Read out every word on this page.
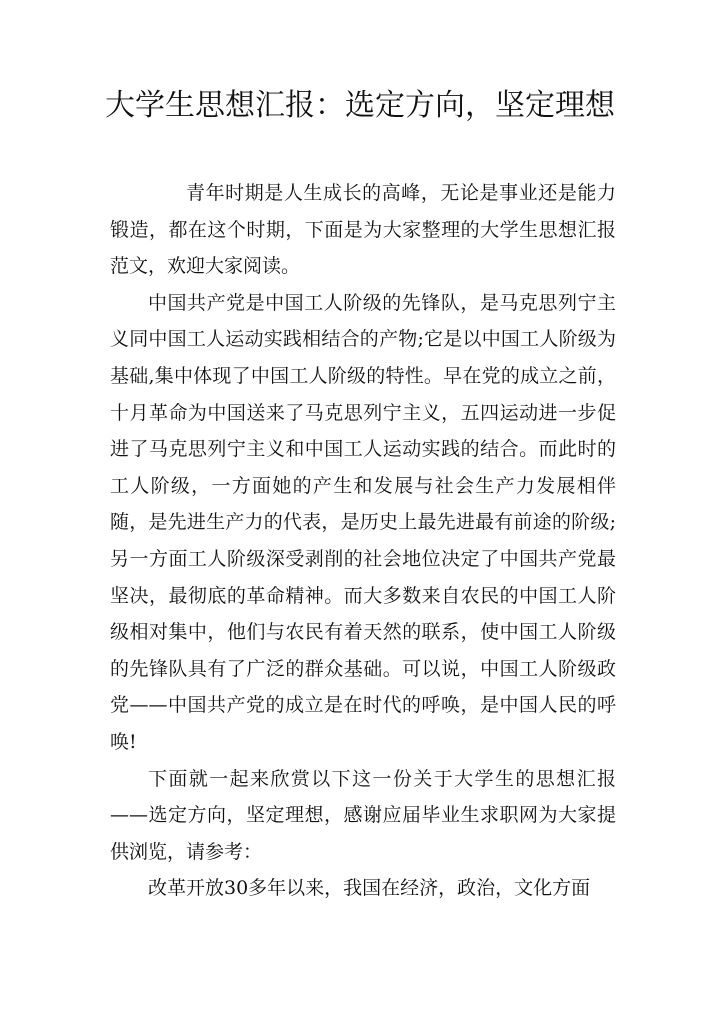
大学生思想汇报：选定方向，坚定理想

青年时期是人生成长的高峰，无论是事业还是能力锻造，都在这个时期，下面是为大家整理的大学生思想汇报范文，欢迎大家阅读。

中国共产党是中国工人阶级的先锋队，是马克思列宁主义同中国工人运动实践相结合的产物;它是以中国工人阶级为基础,集中体现了中国工人阶级的特性。早在党的成立之前，十月革命为中国送来了马克思列宁主义，五四运动进一步促进了马克思列宁主义和中国工人运动实践的结合。而此时的工人阶级，一方面她的产生和发展与社会生产力发展相伴随，是先进生产力的代表，是历史上最先进最有前途的阶级;另一方面工人阶级深受剥削的社会地位决定了中国共产党最坚决，最彻底的革命精神。而大多数来自农民的中国工人阶级相对集中，他们与农民有着天然的联系，使中国工人阶级的先锋队具有了广泛的群众基础。可以说，中国工人阶级政党——中国共产党的成立是在时代的呼唤，是中国人民的呼唤!

下面就一起来欣赏以下这一份关于大学生的思想汇报——选定方向，坚定理想，感谢应届毕业生求职网为大家提供浏览，请参考：

改革开放30多年以来，我国在经济，政治，文化方面
